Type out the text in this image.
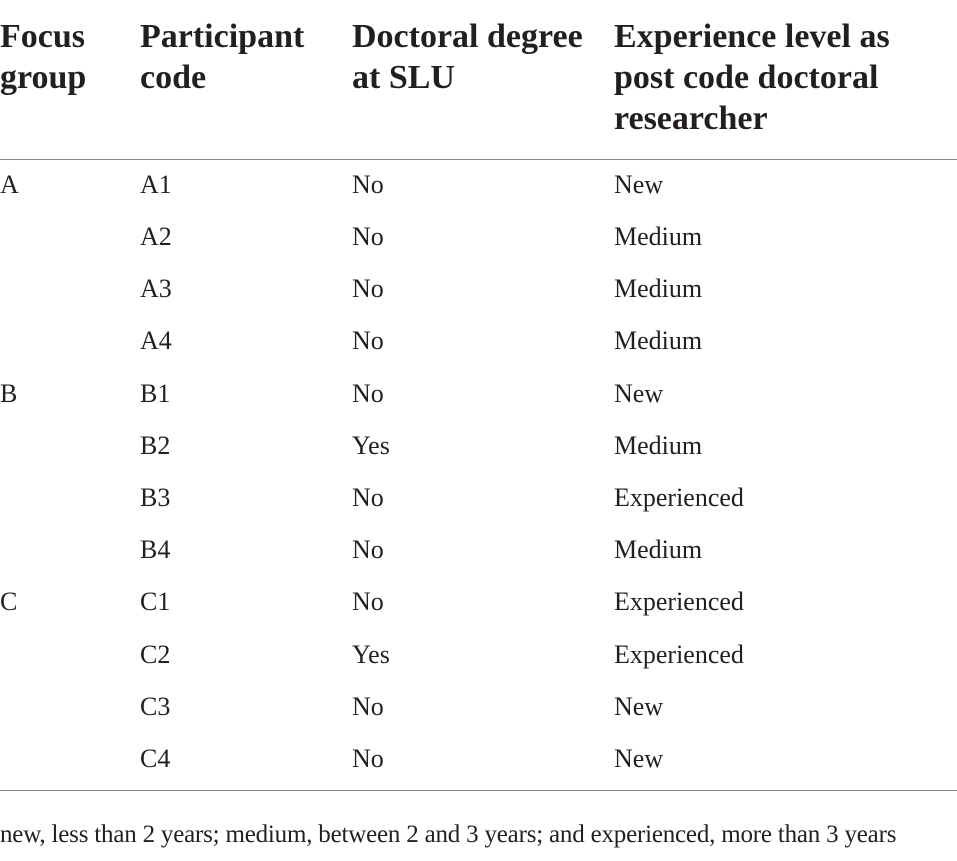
Focus group	Participant code	Doctoral degree at SLU	Experience level as post code doctoral researcher
A	A1	No	New
	A2	No	Medium
	A3	No	Medium
	A4	No	Medium
B	B1	No	New
	B2	Yes	Medium
	B3	No	Experienced
	B4	No	Medium
C	C1	No	Experienced
	C2	Yes	Experienced
	C3	No	New
	C4	No	New
new, less than 2 years; medium, between 2 and 3 years; and experienced, more than 3 years
